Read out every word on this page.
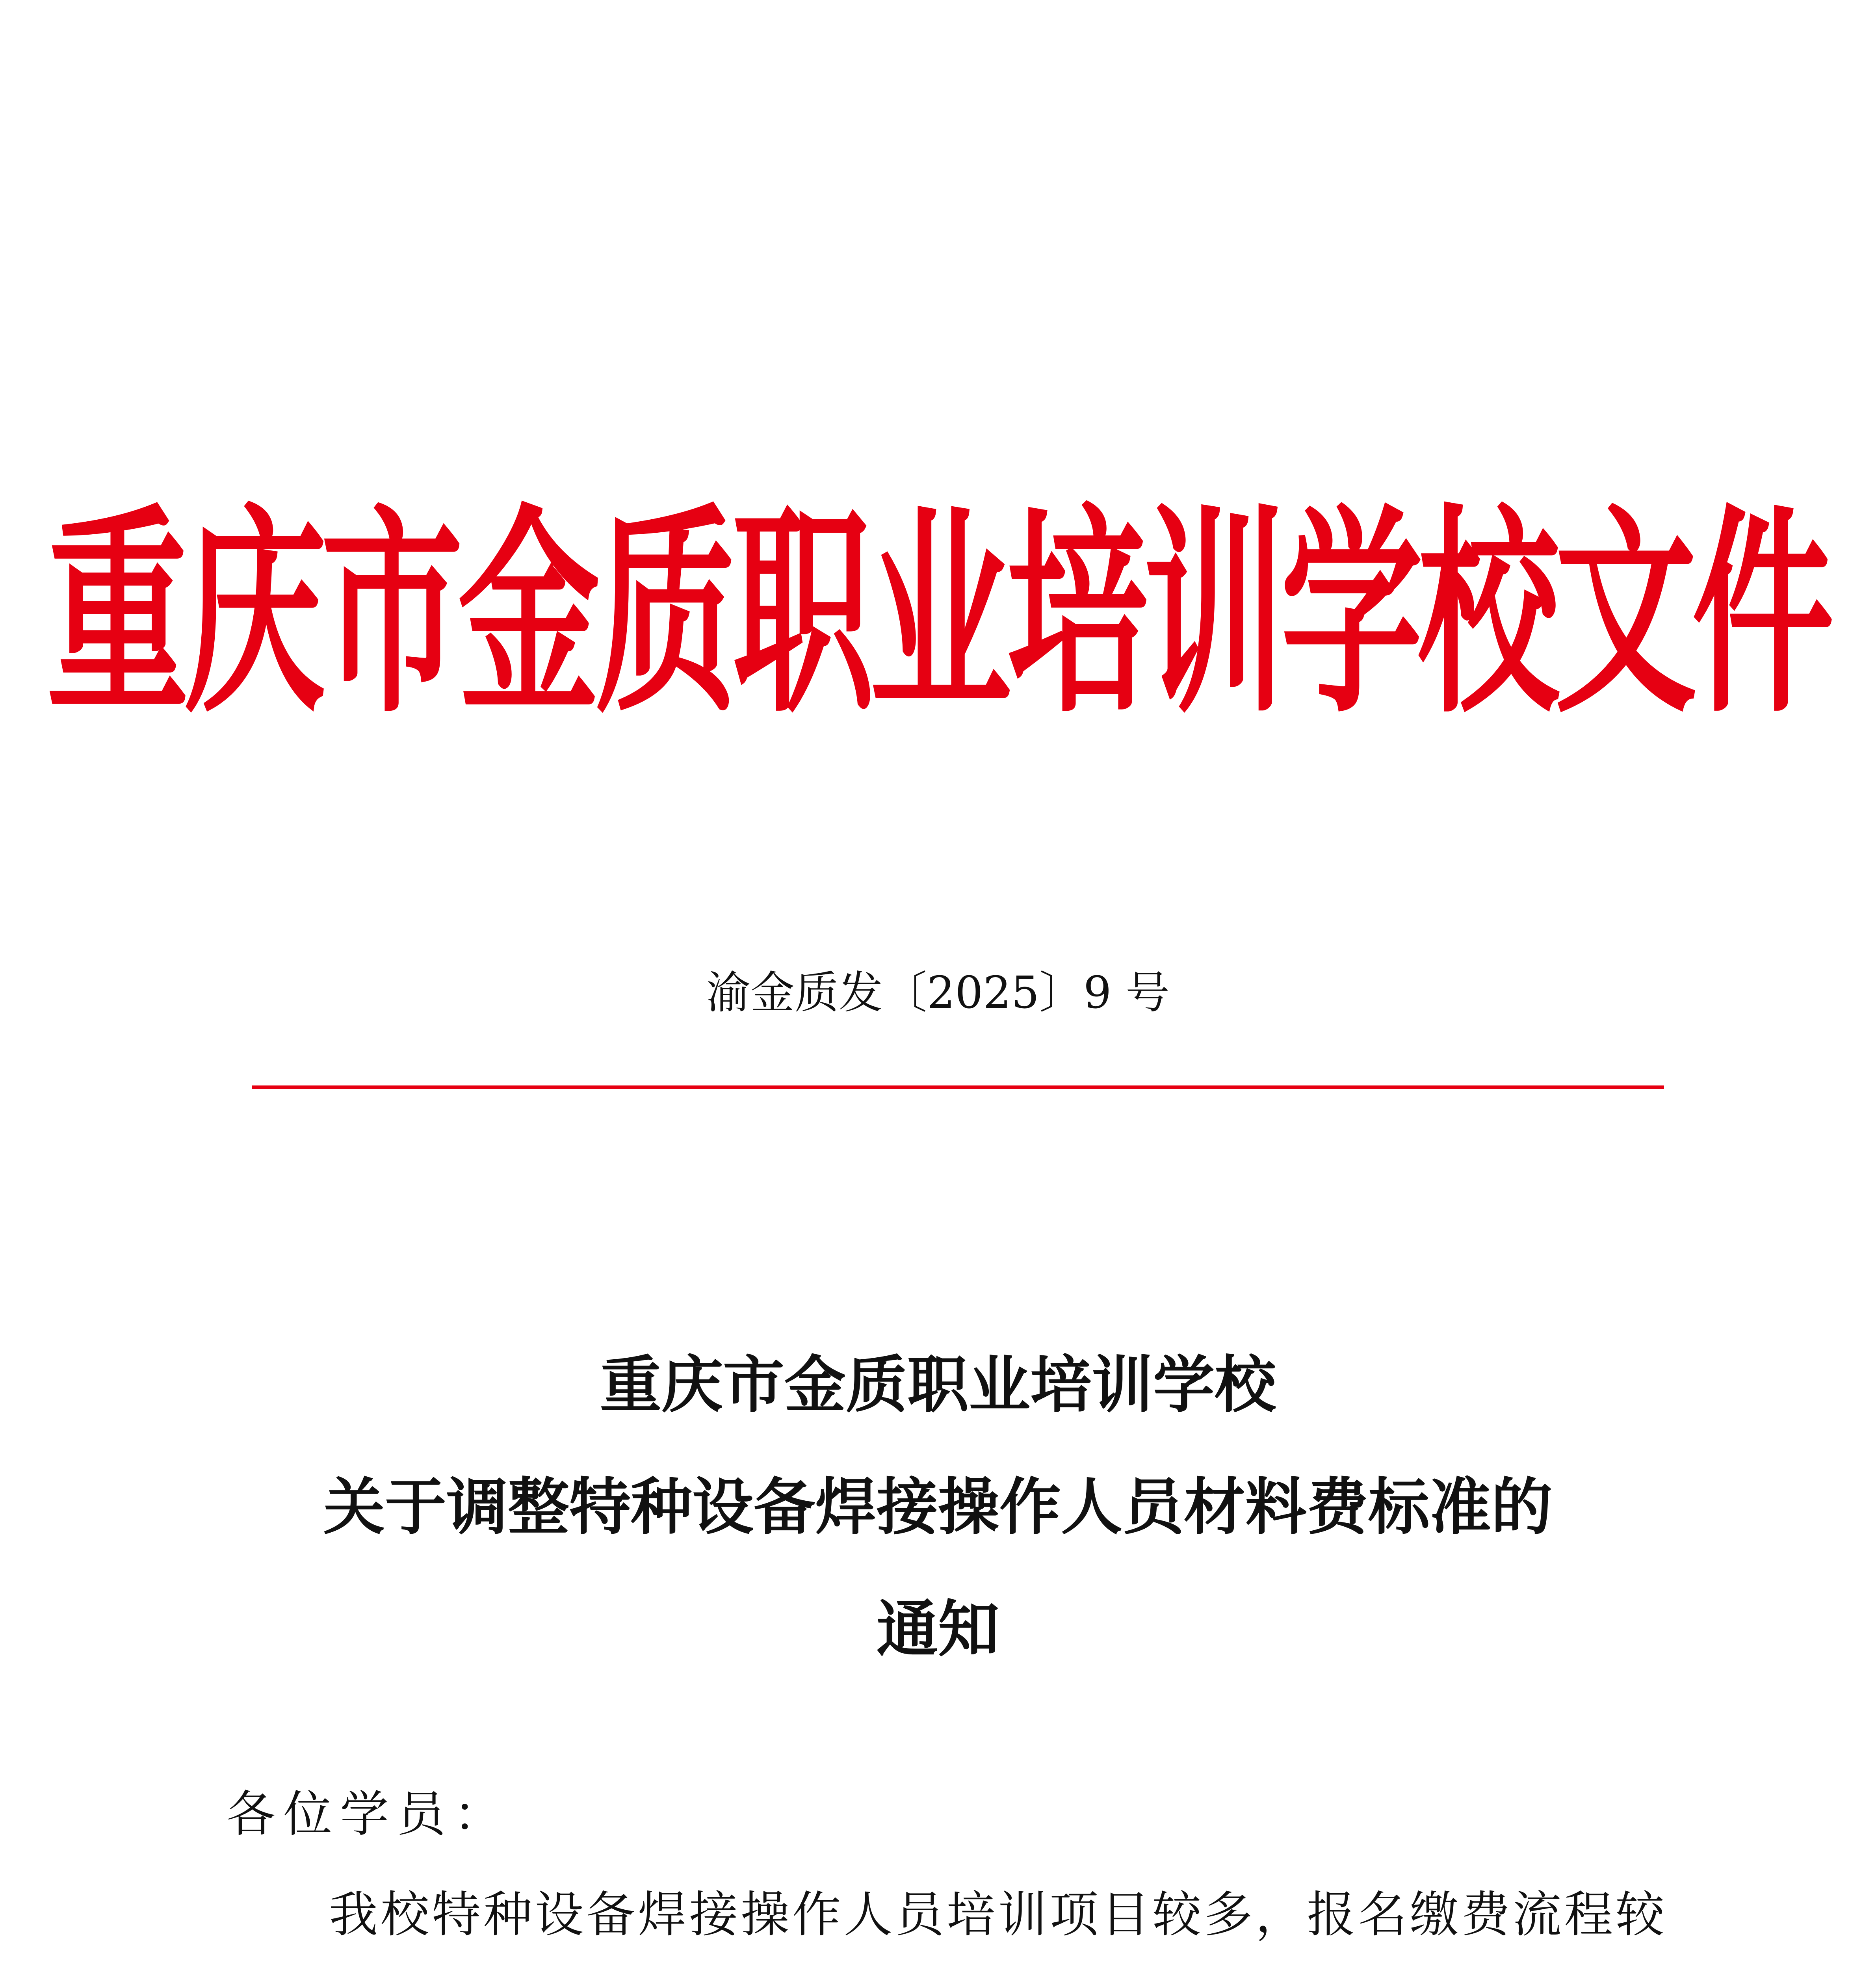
重庆市金质职业培训学校文件
渝金质发〔2025〕9 号
重庆市金质职业培训学校
关于调整特种设备焊接操作人员材料费标准的
通知
各位学员：
我校特种设备焊接操作人员培训项目较多，报名缴费流程较
